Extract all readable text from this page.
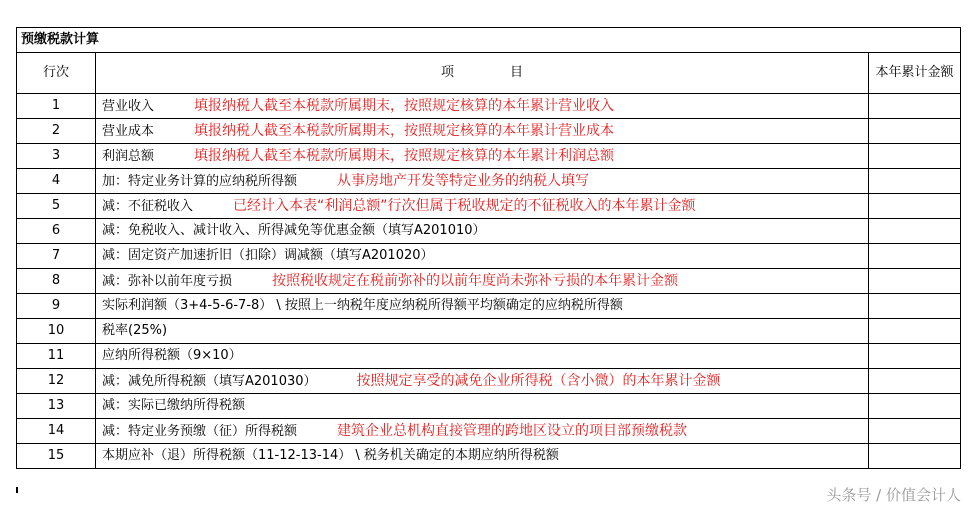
预缴税款计算		
行次	项 目	本年累计金额
1	营业收入 填报纳税人截至本税款所属期末，按照规定核算的本年累计营业收入	
2	营业成本 填报纳税人截至本税款所属期末，按照规定核算的本年累计营业成本	
3	利润总额 填报纳税人截至本税款所属期末，按照规定核算的本年累计利润总额	
4	加：特定业务计算的应纳税所得额 从事房地产开发等特定业务的纳税人填写	
5	减：不征税收入 已经计入本表“利润总额”行次但属于税收规定的不征税收入的本年累计金额	
6	减：免税收入、减计收入、所得减免等优惠金额（填写A201010）	
7	减：固定资产加速折旧（扣除）调减额（填写A201020）	
8	减：弥补以前年度亏损 按照税收规定在税前弥补的以前年度尚未弥补亏损的本年累计金额	
9	实际利润额（3+4-5-6-7-8） \ 按照上一纳税年度应纳税所得额平均额确定的应纳税所得额	
10	税率(25%)	
11	应纳所得税额（9×10）	
12	减：减免所得税额（填写A201030） 按照规定享受的减免企业所得税（含小微）的本年累计金额	
13	减：实际已缴纳所得税额	
14	减：特定业务预缴（征）所得税额 建筑企业总机构直接管理的跨地区设立的项目部预缴税款	
15	本期应补（退）所得税额（11-12-13-14） \ 税务机关确定的本期应纳所得税额	
头条号 / 价值会计人
